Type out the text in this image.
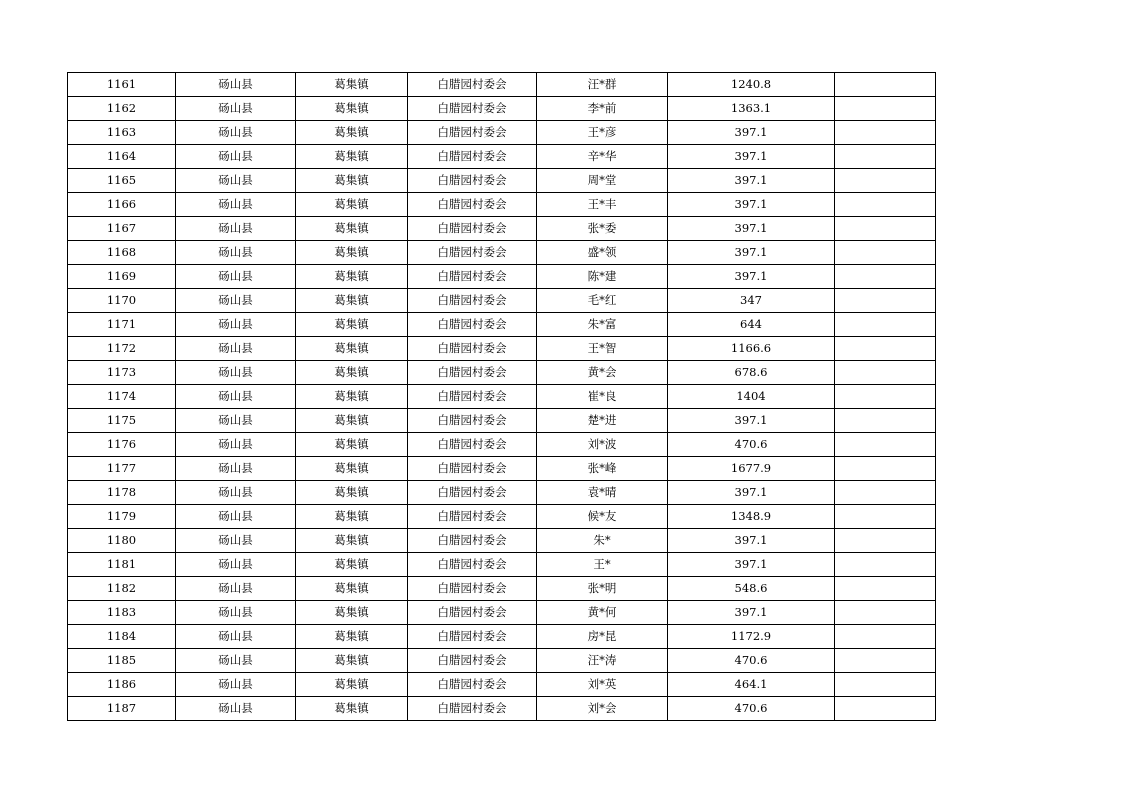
1161	砀山县	葛集镇	白腊园村委会	汪*群	1240.8	
1162	砀山县	葛集镇	白腊园村委会	李*前	1363.1	
1163	砀山县	葛集镇	白腊园村委会	王*彦	397.1	
1164	砀山县	葛集镇	白腊园村委会	辛*华	397.1	
1165	砀山县	葛集镇	白腊园村委会	周*堂	397.1	
1166	砀山县	葛集镇	白腊园村委会	王*丰	397.1	
1167	砀山县	葛集镇	白腊园村委会	张*委	397.1	
1168	砀山县	葛集镇	白腊园村委会	盛*领	397.1	
1169	砀山县	葛集镇	白腊园村委会	陈*建	397.1	
1170	砀山县	葛集镇	白腊园村委会	毛*红	347	
1171	砀山县	葛集镇	白腊园村委会	朱*富	644	
1172	砀山县	葛集镇	白腊园村委会	王*智	1166.6	
1173	砀山县	葛集镇	白腊园村委会	黄*会	678.6	
1174	砀山县	葛集镇	白腊园村委会	崔*良	1404	
1175	砀山县	葛集镇	白腊园村委会	楚*进	397.1	
1176	砀山县	葛集镇	白腊园村委会	刘*波	470.6	
1177	砀山县	葛集镇	白腊园村委会	张*峰	1677.9	
1178	砀山县	葛集镇	白腊园村委会	袁*晴	397.1	
1179	砀山县	葛集镇	白腊园村委会	候*友	1348.9	
1180	砀山县	葛集镇	白腊园村委会	朱*	397.1	
1181	砀山县	葛集镇	白腊园村委会	王*	397.1	
1182	砀山县	葛集镇	白腊园村委会	张*明	548.6	
1183	砀山县	葛集镇	白腊园村委会	黄*何	397.1	
1184	砀山县	葛集镇	白腊园村委会	房*昆	1172.9	
1185	砀山县	葛集镇	白腊园村委会	汪*涛	470.6	
1186	砀山县	葛集镇	白腊园村委会	刘*英	464.1	
1187	砀山县	葛集镇	白腊园村委会	刘*会	470.6	
